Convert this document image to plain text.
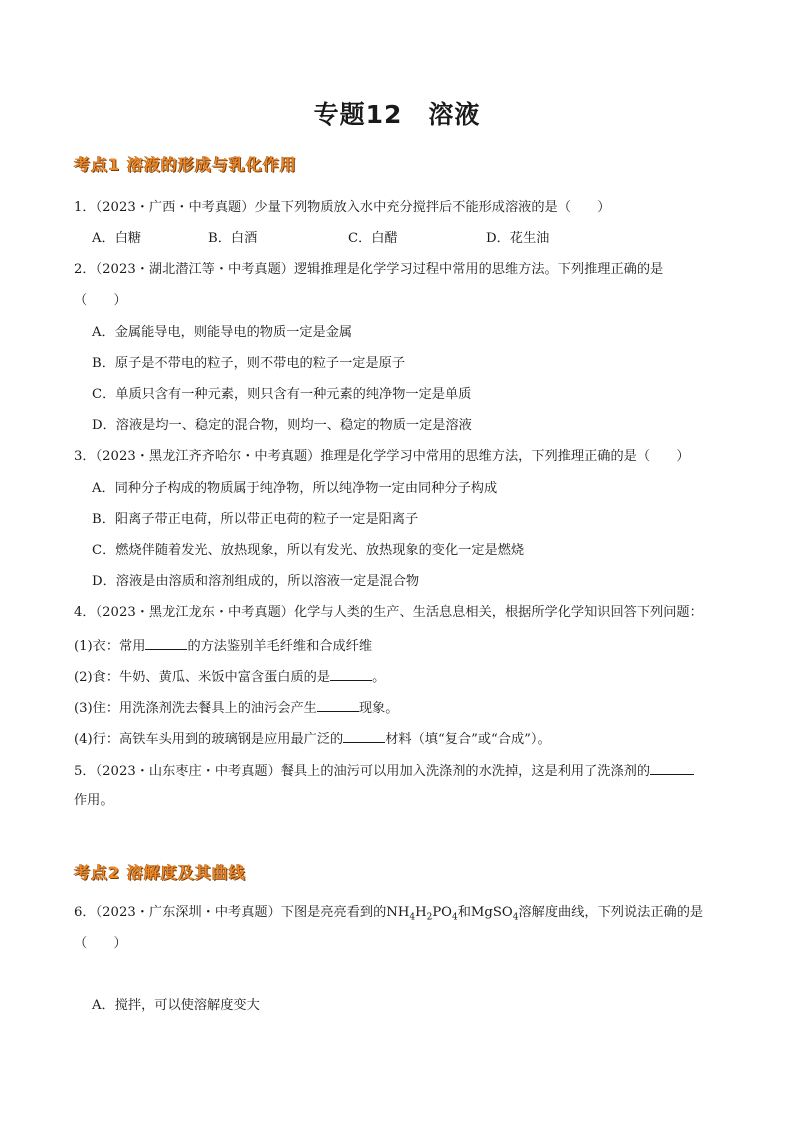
专题12　溶液
考点1 溶液的形成与乳化作用
1．（2023・广西・中考真题）少量下列物质放入水中充分搅拌后不能形成溶液的是（　　）
A．白糖	B．白酒	C．白醋	D．花生油
2．（2023・湖北潜江等・中考真题）逻辑推理是化学学习过程中常用的思维方法。下列推理正确的是
（　　）
A．金属能导电，则能导电的物质一定是金属
B．原子是不带电的粒子，则不带电的粒子一定是原子
C．单质只含有一种元素，则只含有一种元素的纯净物一定是单质
D．溶液是均一、稳定的混合物，则均一、稳定的物质一定是溶液
3．（2023・黑龙江齐齐哈尔・中考真题）推理是化学学习中常用的思维方法，下列推理正确的是（　　）
A．同种分子构成的物质属于纯净物，所以纯净物一定由同种分子构成
B．阳离子带正电荷，所以带正电荷的粒子一定是阳离子
C．燃烧伴随着发光、放热现象，所以有发光、放热现象的变化一定是燃烧
D．溶液是由溶质和溶剂组成的，所以溶液一定是混合物
4．（2023・黑龙江龙东・中考真题）化学与人类的生产、生活息息相关，根据所学化学知识回答下列问题：
(1)衣：常用	的方法鉴别羊毛纤维和合成纤维
(2)食：牛奶、黄瓜、米饭中富含蛋白质的是	。
(3)住：用洗涤剂洗去餐具上的油污会产生	现象。
(4)行：高铁车头用到的玻璃钢是应用最广泛的	材料（填“复合”或“合成”）。
5．（2023・山东枣庄・中考真题）餐具上的油污可以用加入洗涤剂的水洗掉，这是利用了洗涤剂的
作用。
考点2 溶解度及其曲线
6．（2023・广东深圳・中考真题）下图是亮亮看到的$NH_4H_2PO_4$和MgSO$_4$溶解度曲线，下列说法正确的是
（　　）
A．搅拌，可以使溶解度变大
